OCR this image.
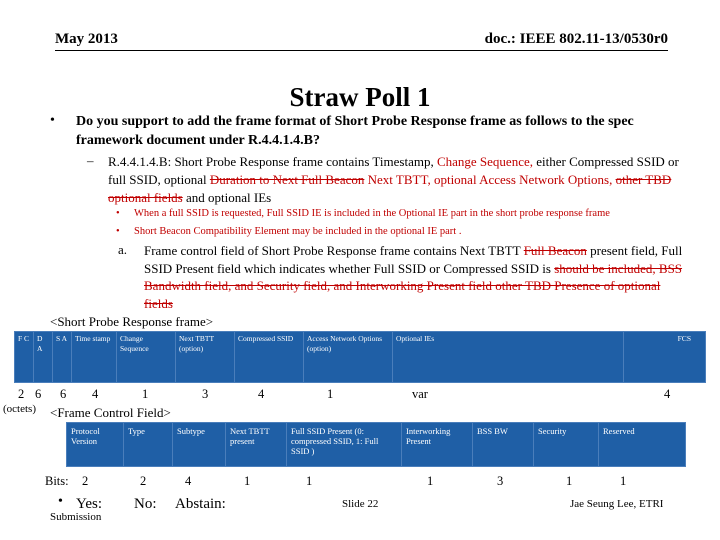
May 2013	doc.: IEEE 802.11-13/0530r0
Straw Poll 1
• Do you support to add the frame format of Short Probe Response frame as follows to the spec framework document under R.4.4.1.4.B?
– R.4.4.1.4.B: Short Probe Response frame contains Timestamp, Change Sequence, either Compressed SSID or full SSID, optional Duration to Next Full Beacon Next TBTT, optional Access Network Options, other TBD optional fields and optional IEs
• When a full SSID is requested, Full SSID IE is included in the Optional IE part in the short probe response frame
• Short Beacon Compatibility Element may be included in the optional IE part .
a. Frame control field of Short Probe Response frame contains Next TBTT Full Beacon present field, Full SSID Present field which indicates whether Full SSID or Compressed SSID is should be included, BSS Bandwidth field, and Security field, and Interworking Present field other TBD Presence of optional fields
<Short Probe Response frame>
F C	D A	S A	Time stamp	Change Sequence	Next TBTT (option)	Compressed SSID	Access Network Options (option)	Optional IEs	FCS
2 6 6 4	1	3	4	1	var	4
(octets) <Frame Control Field>
Protocol Version	Type	Subtype	Next TBTT present	Full SSID Present (0: compressed SSID, 1: Full SSID )	Interworking Present	BSS BW	Security	Reserved
Bits: 2	2	4	1	1	1	3	1	1
• Yes: No: Abstain:
Submission
Slide 22	Jae Seung Lee, ETRI
